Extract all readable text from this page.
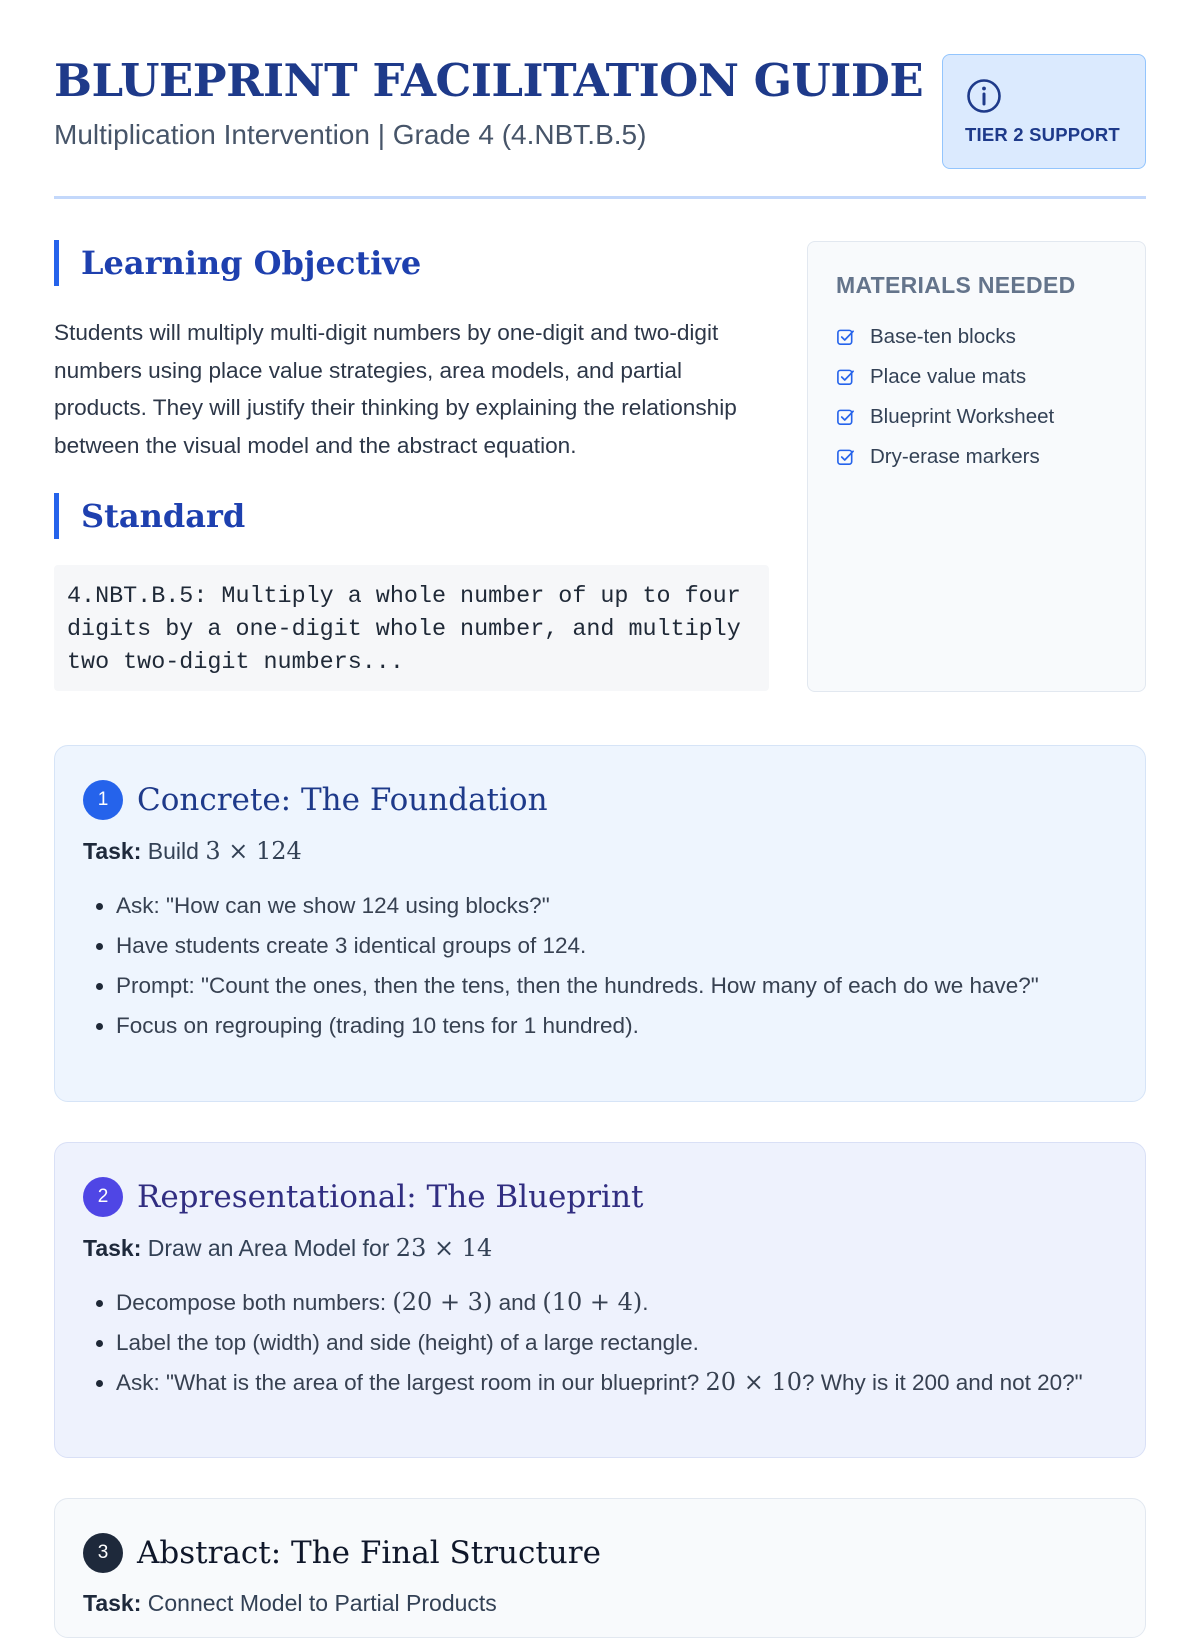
BLUEPRINT FACILITATION GUIDE
Multiplication Intervention | Grade 4 (4.NBT.B.5)	TIER 2 SUPPORT
Learning Objective

Students will multiply multi-digit numbers by one-digit and two-digit numbers using place value strategies, area models, and partial products. They will justify their thinking by explaining the relationship between the visual model and the abstract equation.

Standard
4.NBT.B.5: Multiply a whole number of up to four digits by a one-digit whole number, and multiply two two-digit numbers...
MATERIALS NEEDED
Base-ten blocks
Place value mats
Blueprint Worksheet
Dry-erase markers
1 Concrete: The Foundation
Task: Build 3 × 124
• Ask: "How can we show 124 using blocks?"
• Have students create 3 identical groups of 124.
• Prompt: "Count the ones, then the tens, then the hundreds. How many of each do we have?"
• Focus on regrouping (trading 10 tens for 1 hundred).
2 Representational: The Blueprint
Task: Draw an Area Model for 23 × 14
• Decompose both numbers: (20 + 3) and (10 + 4).
• Label the top (width) and side (height) of a large rectangle.
• Ask: "What is the area of the largest room in our blueprint? 20 × 10? Why is it 200 and not 20?"
3 Abstract: The Final Structure
Task: Connect Model to Partial Products
